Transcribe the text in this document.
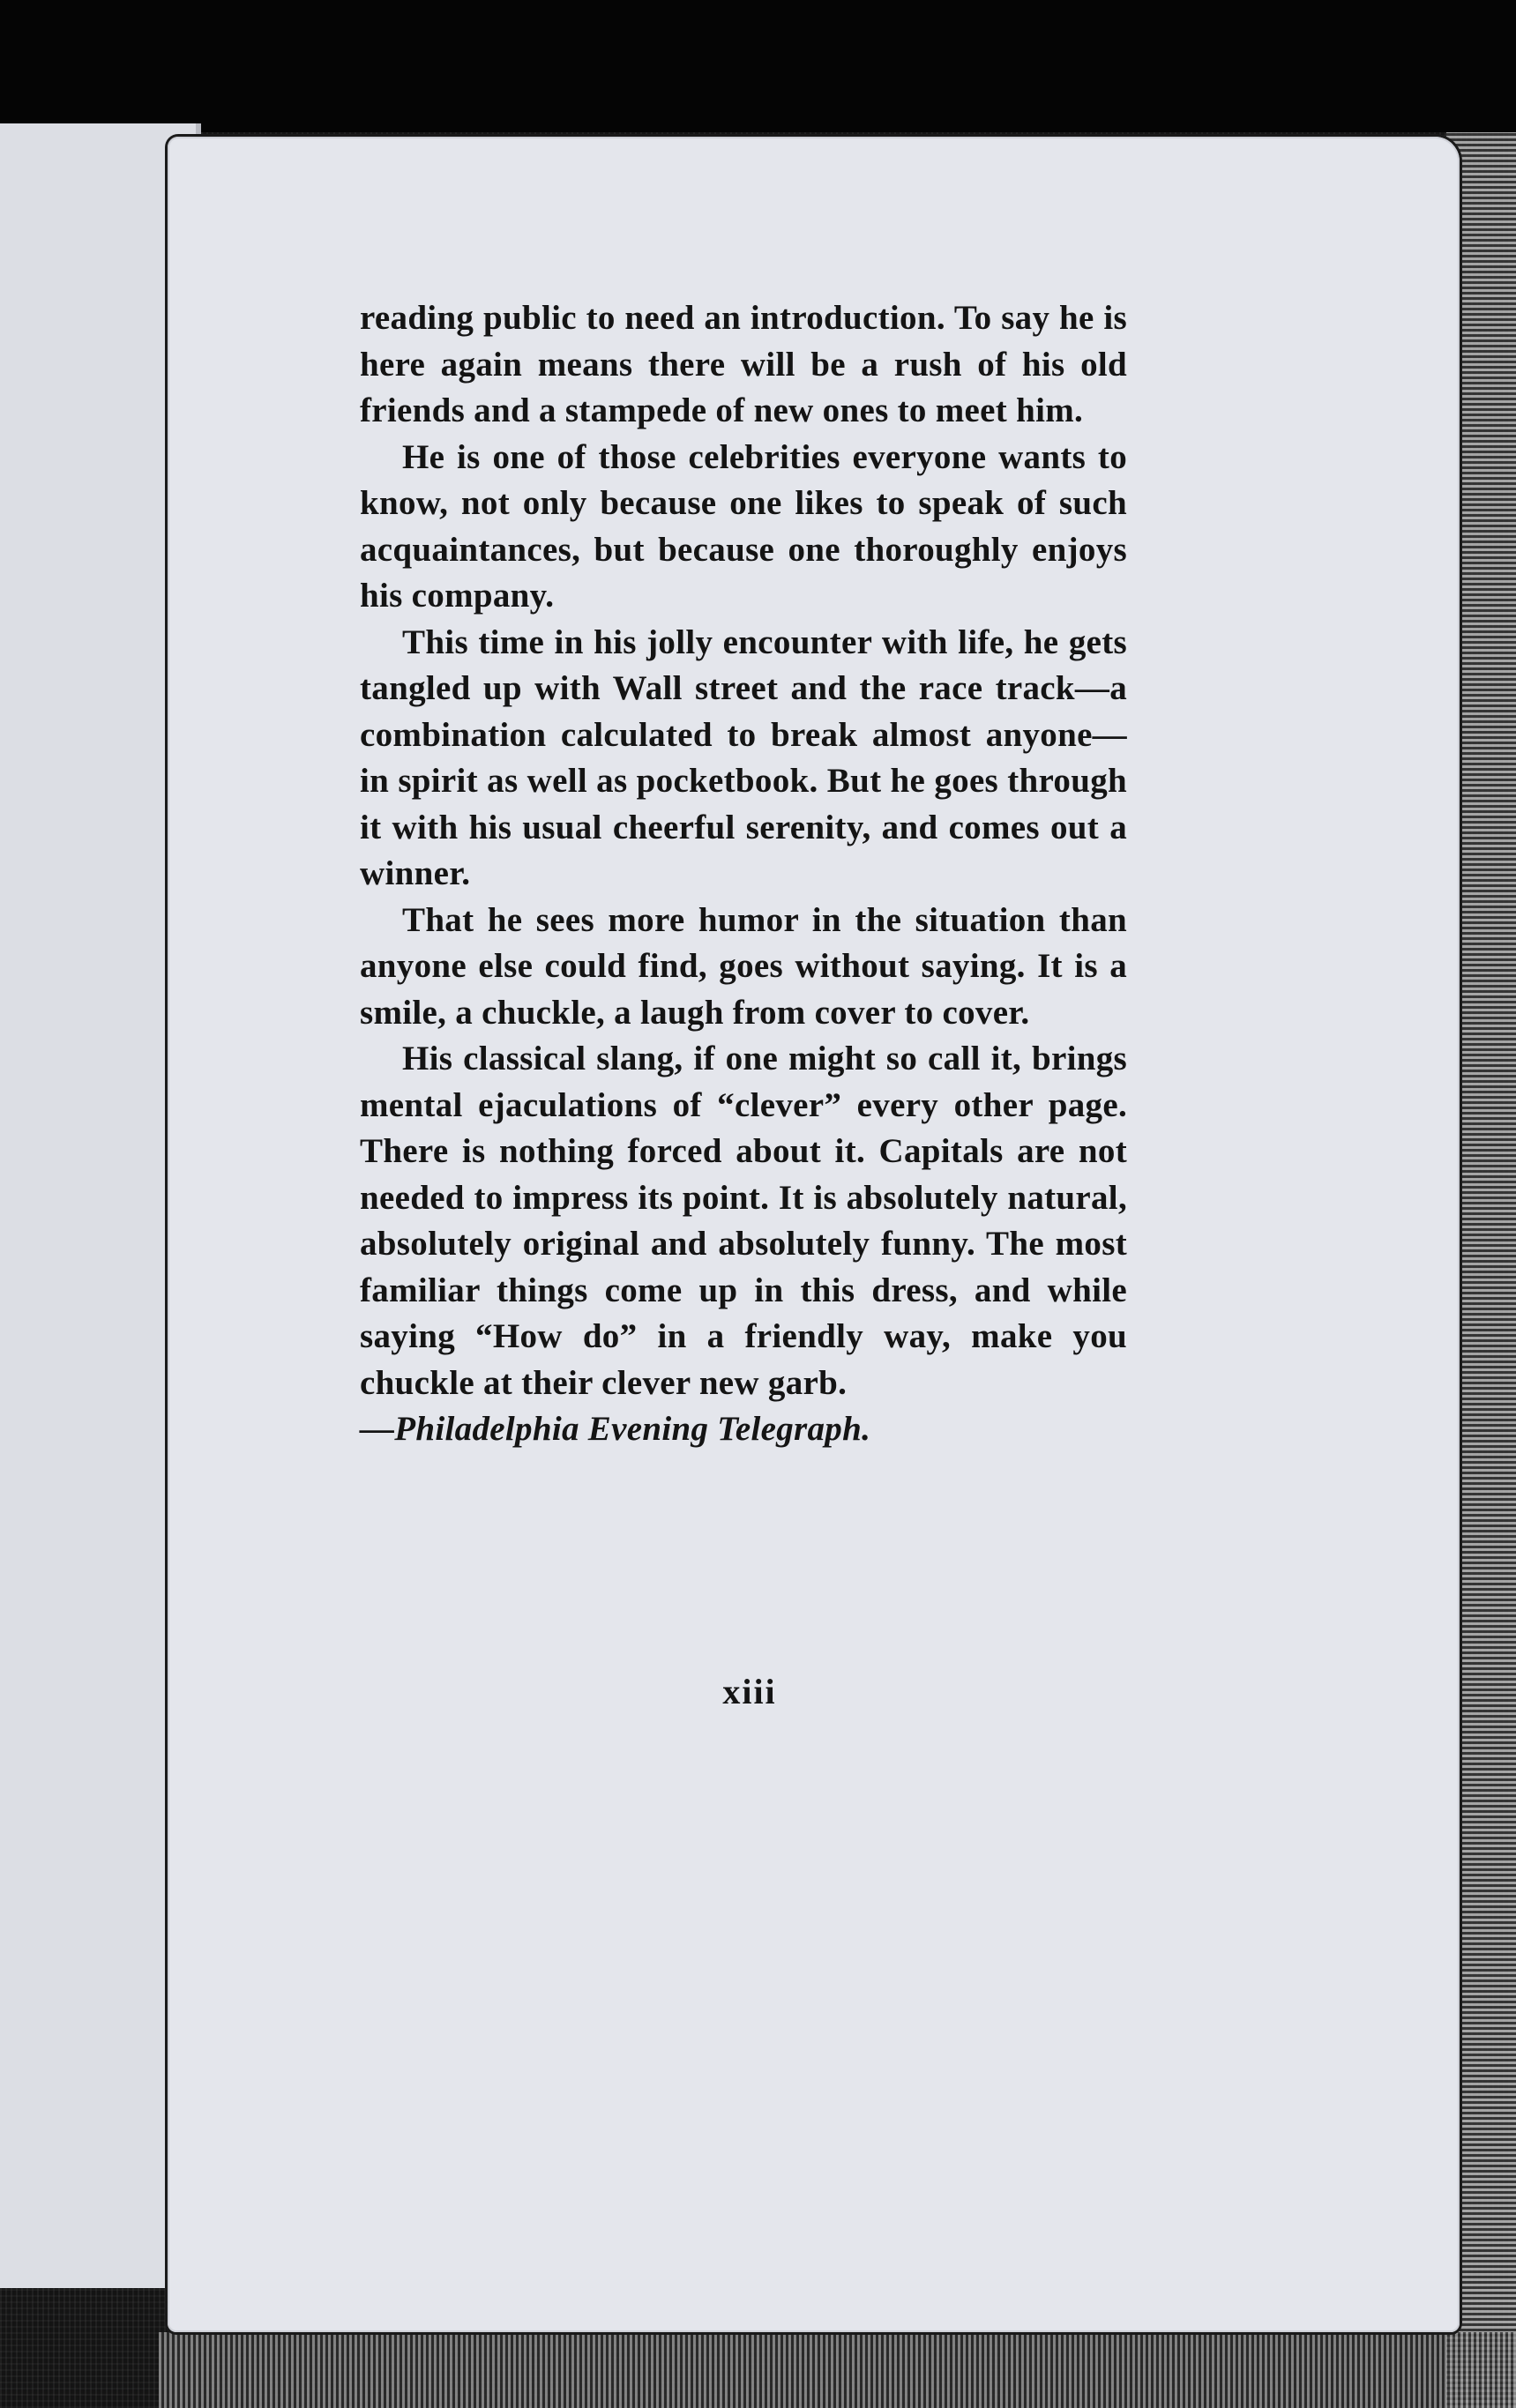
reading public to need an introduction. To say he is here again means there will be a rush of his old friends and a stampede of new ones to meet him.

He is one of those celebrities everyone wants to know, not only because one likes to speak of such acquaintances, but because one thoroughly enjoys his company.

This time in his jolly encounter with life, he gets tangled up with Wall street and the race track—a combination calculated to break almost anyone—in spirit as well as pocketbook. But he goes through it with his usual cheerful serenity, and comes out a winner.

That he sees more humor in the situation than anyone else could find, goes without saying. It is a smile, a chuckle, a laugh from cover to cover.

His classical slang, if one might so call it, brings mental ejaculations of “clever” every other page. There is nothing forced about it. Capitals are not needed to impress its point. It is absolutely natural, absolutely original and absolutely funny. The most familiar things come up in this dress, and while saying “How do” in a friendly way, make you chuckle at their clever new garb.

—Philadelphia Evening Telegraph.

xiii
